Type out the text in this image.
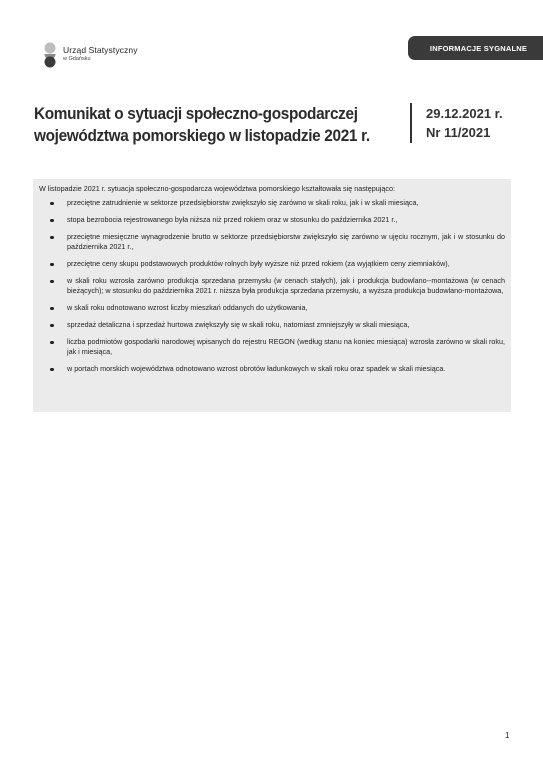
Urząd Statystyczny
w Gdańsku
INFORMACJE SYGNALNE
Komunikat o sytuacji społeczno-gospodarczej
województwa pomorskiego w listopadzie 2021 r.
29.12.2021 r.
Nr 11/2021

W listopadzie 2021 r. sytuacja społeczno-gospodarcza województwa pomorskiego kształtowała się następująco:

przeciętne zatrudnienie w sektorze przedsiębiorstw zwiększyło się zarówno w skali roku, jak i w skali miesiąca,
stopa bezrobocia rejestrowanego była niższa niż przed rokiem oraz w stosunku do października 2021 r.,
przeciętne miesięczne wynagrodzenie brutto w sektorze przedsiębiorstw zwiększyło się zarówno w ujęciu rocznym, jak i w stosunku do października 2021 r.,
przeciętne ceny skupu podstawowych produktów rolnych były wyższe niż przed rokiem (za wyjątkiem ceny ziemniaków),
w skali roku wzrosła zarówno produkcja sprzedana przemysłu (w cenach stałych), jak i produkcja budowlano--montażowa (w cenach bieżących); w stosunku do października 2021 r. niższa była produkcja sprzedana przemysłu, a wyższa produkcja budowlano-montażowa,
w skali roku odnotowano wzrost liczby mieszkań oddanych do użytkowania,
sprzedaż detaliczna i sprzedaż hurtowa zwiększyły się w skali roku, natomiast zmniejszyły w skali miesiąca,
liczba podmiotów gospodarki narodowej wpisanych do rejestru REGON (według stanu na koniec miesiąca) wzrosła zarówno w skali roku, jak i miesiąca,
w portach morskich województwa odnotowano wzrost obrotów ładunkowych w skali roku oraz spadek w skali miesiąca.
1
